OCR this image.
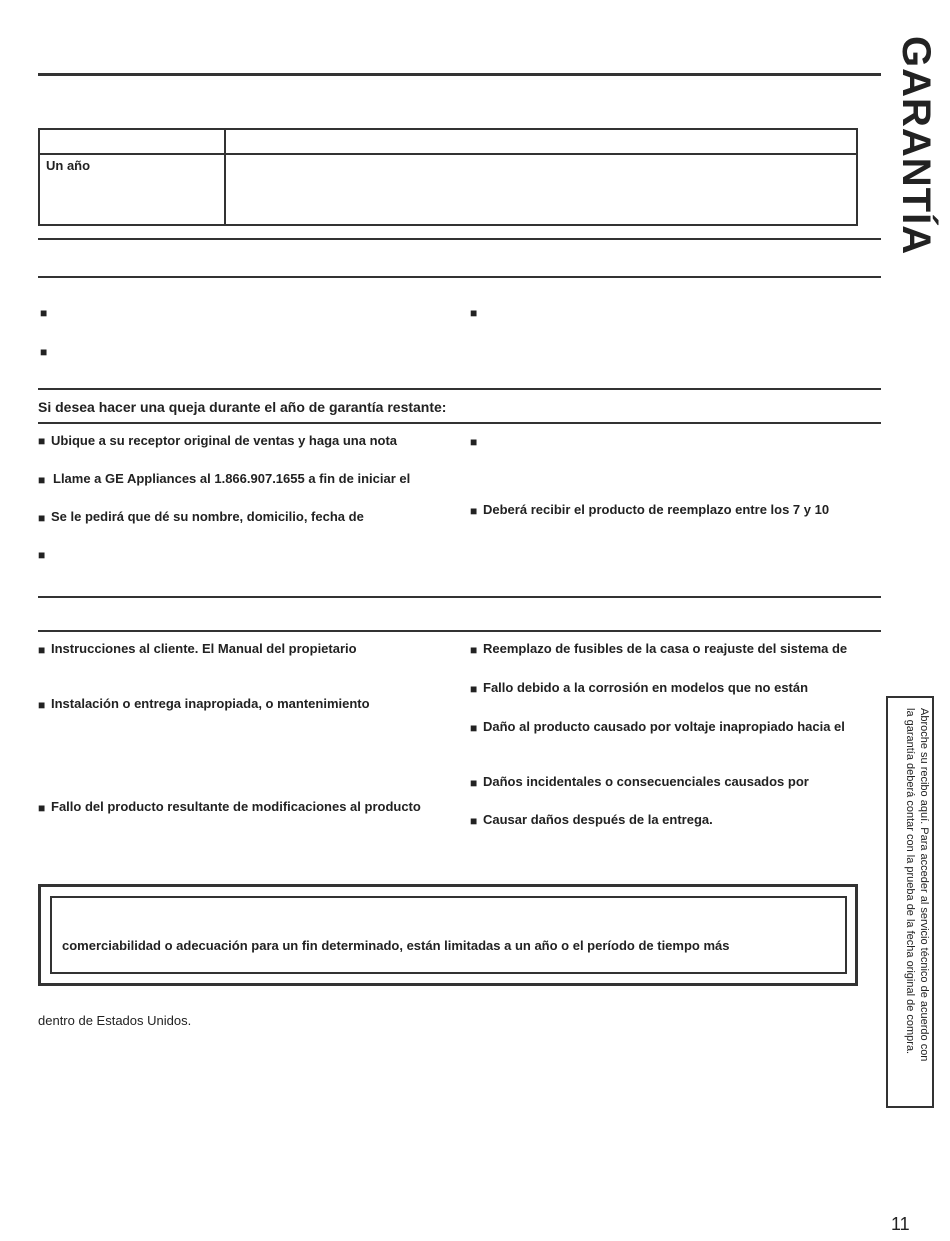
GARANTÍA
Un año
■
■
■
Si desea hacer una queja durante el año de garantía restante:
■ Ubique a su receptor original de ventas y haga una nota
■ Llame a GE Appliances al 1.866.907.1655 a fin de iniciar el
■ Se le pedirá que dé su nombre, domicilio, fecha de
■
■
■ Deberá recibir el producto de reemplazo entre los 7 y 10
■ Instrucciones al cliente. El Manual del propietario
■ Instalación o entrega inapropiada, o mantenimiento
■ Fallo del producto resultante de modificaciones al producto
■ Reemplazo de fusibles de la casa o reajuste del sistema de
■ Fallo debido a la corrosión en modelos que no están
■ Daño al producto causado por voltaje inapropiado hacia el
■ Daños incidentales o consecuenciales causados por
■ Causar daños después de la entrega.
comerciabilidad o adecuación para un fin determinado, están limitadas a un año o el período de tiempo más
dentro de Estados Unidos.	Abroche su recibo aquí. Para acceder al servicio técnico de acuerdo con
la garantía deberá contar con la prueba de la fecha original de compra.
11
